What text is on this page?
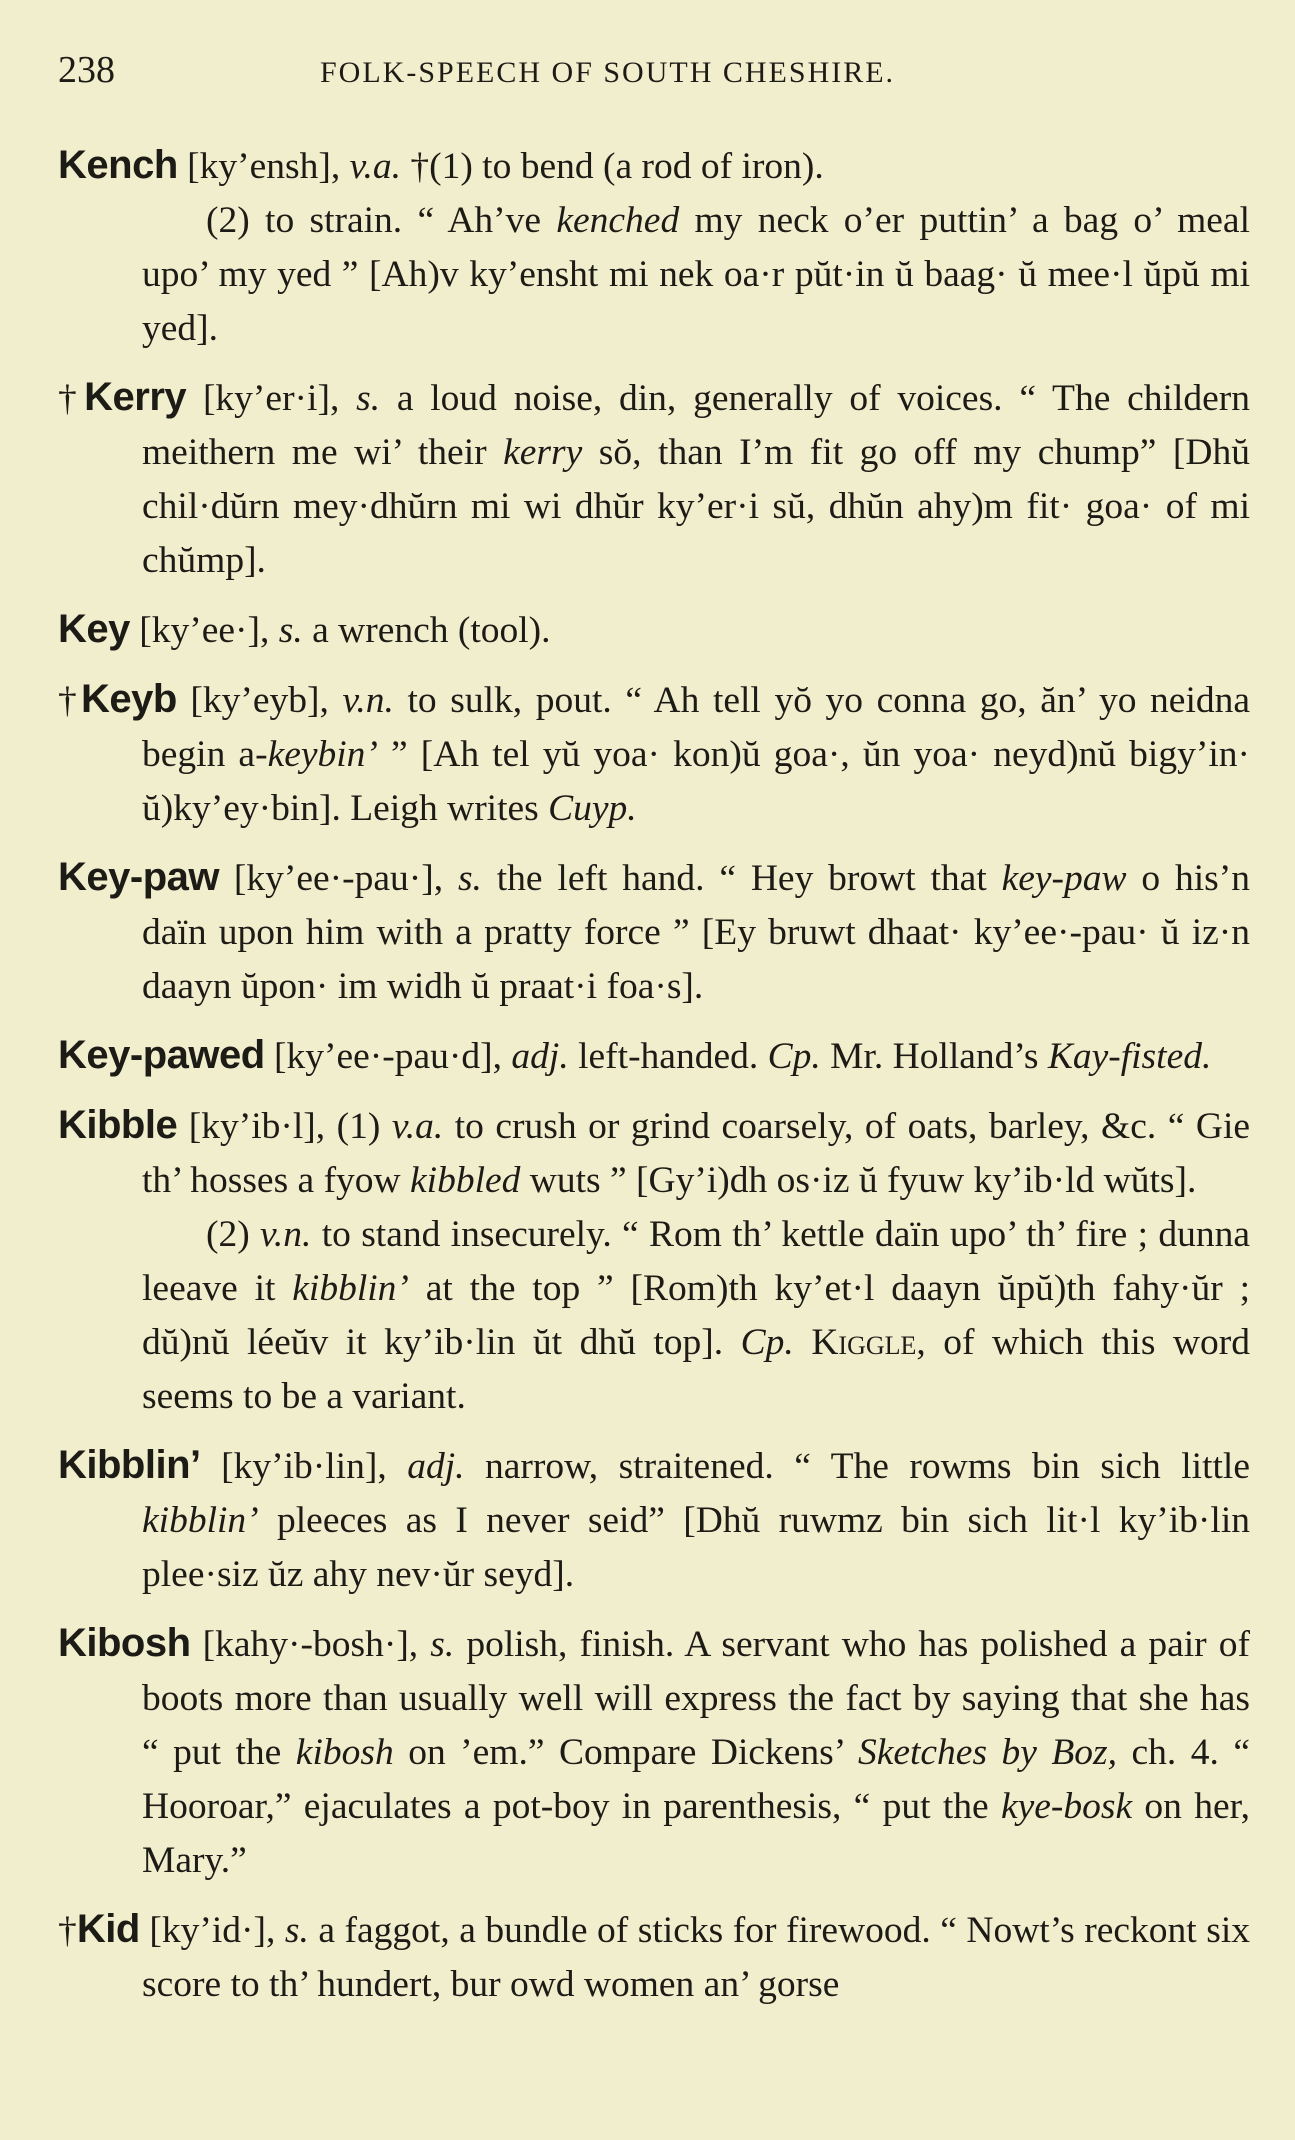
238	FOLK-SPEECH OF SOUTH CHESHIRE.

Kench [ky’ensh], v.a. †(1) to bend (a rod of iron).

(2) to strain. “ Ah’ve kenched my neck o’er puttin’ a bag o’ meal upo’ my yed ” [Ah)v ky’ensht mi nek oa·r pŭt·in ŭ baag· ŭ mee·l ŭpŭ mi yed].

†Kerry [ky’er·i], s. a loud noise, din, generally of voices. “ The childern meithern me wi’ their kerry sŏ, than I’m fit go off my chump” [Dhŭ chil·dŭrn mey·dhŭrn mi wi dhŭr ky’er·i sŭ, dhŭn ahy)m fit· goa· of mi chŭmp].

Key [ky’ee·], s. a wrench (tool).

†Keyb [ky’eyb], v.n. to sulk, pout. “ Ah tell yŏ yo conna go, ăn’ yo neidna begin a-keybin’ ” [Ah tel yŭ yoa· kon)ŭ goa·, ŭn yoa· neyd)nŭ bigy’in· ŭ)ky’ey·bin]. Leigh writes Cuyp.

Key-paw [ky’ee·-pau·], s. the left hand. “ Hey browt that key-paw o his’n daïn upon him with a pratty force ” [Ey bruwt dhaat· ky’ee·-pau· ŭ iz·n daayn ŭpon· im widh ŭ praat·i foa·s].

Key-pawed [ky’ee·-pau·d], adj. left-handed. Cp. Mr. Holland’s Kay-fisted.

Kibble [ky’ib·l], (1) v.a. to crush or grind coarsely, of oats, barley, &c. “ Gie th’ hosses a fyow kibbled wuts ” [Gy’i)dh os·iz ŭ fyuw ky’ib·ld wŭts].

(2) v.n. to stand insecurely. “ Rom th’ kettle daïn upo’ th’ fire ; dunna leeave it kibblin’ at the top ” [Rom)th ky’et·l daayn ŭpŭ)th fahy·ŭr ; dŭ)nŭ léeŭv it ky’ib·lin ŭt dhŭ top]. Cp. Kiggle, of which this word seems to be a variant.

Kibblin’ [ky’ib·lin], adj. narrow, straitened. “ The rowms bin sich little kibblin’ pleeces as I never seid” [Dhŭ ruwmz bin sich lit·l ky’ib·lin plee·siz ŭz ahy nev·ŭr seyd].

Kibosh [kahy·-bosh·], s. polish, finish. A servant who has polished a pair of boots more than usually well will express the fact by saying that she has “ put the kibosh on ’em.” Compare Dickens’ Sketches by Boz, ch. 4. “ Hooroar,” ejaculates a pot-boy in parenthesis, “ put the kye-bosk on her, Mary.”

†Kid [ky’id·], s. a faggot, a bundle of sticks for firewood. “ Nowt’s reckont six score to th’ hundert, bur owd women an’ gorse
